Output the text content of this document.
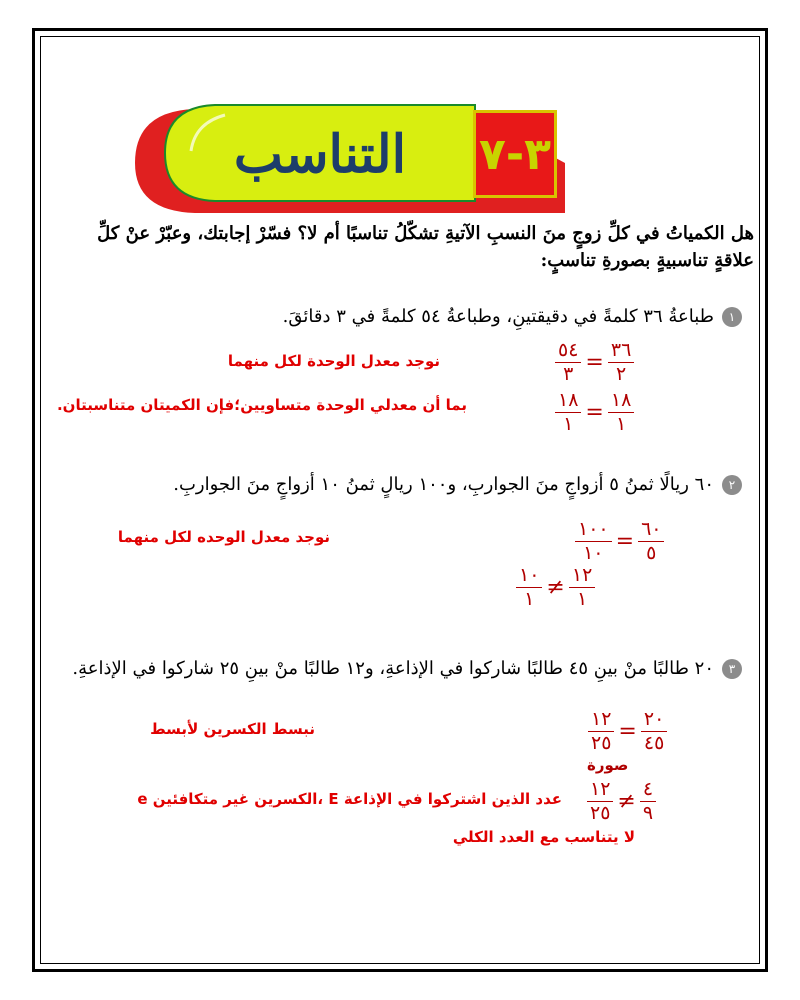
التناسب	٣-٧
هل الكمياتُ في كلِّ زوجٍ منَ النسبِ الآتيةِ تشكّلُ تناسبًا أم لا؟ فسّرْ إجابتك، وعبّرْ عنْ كلِّ علاقةٍ تناسبيةٍ بصورةِ تناسبٍ:
١طباعةُ ٣٦ كلمةً في دقيقتينِ، وطباعةُ ٥٤ كلمةً في ٣ دقائقَ.
نوجد معدل الوحدة لكل منهما
بما أن معدلي الوحدة متساويين؛فإن الكميتان متناسبتان.
$\frac{٥٤}{٣} = \frac{٣٦}{٢}$
$\frac{١٨}{١} = \frac{١٨}{١}$
٢٦٠ ريالًا ثمنُ ٥ أزواجٍ منَ الجواربِ، و١٠٠ ريالٍ ثمنُ ١٠ أزواجٍ منَ الجواربِ.
نوجد معدل الوحده لكل منهما	$\frac{١٠٠}{١٠} = \frac{٦٠}{٥}$
$\frac{١٠}{١} \ne \frac{١٢}{١}$
٣٢٠ طالبًا منْ بينِ ٤٥ طالبًا شاركوا في الإذاعةِ، و١٢ طالبًا منْ بينِ ٢٥ شاركوا في الإذاعةِ.
نبسط الكسرين لأبسط	$\frac{١٢}{٢٥} = \frac{٢٠}{٤٥}$
صورة
e الكسرين غير متكافئين، E عدد الذين اشتركوا في الإذاعة $\frac{١٢}{٢٥} \ne \frac{٤}{٩}$
لا يتناسب مع العدد الكلي
